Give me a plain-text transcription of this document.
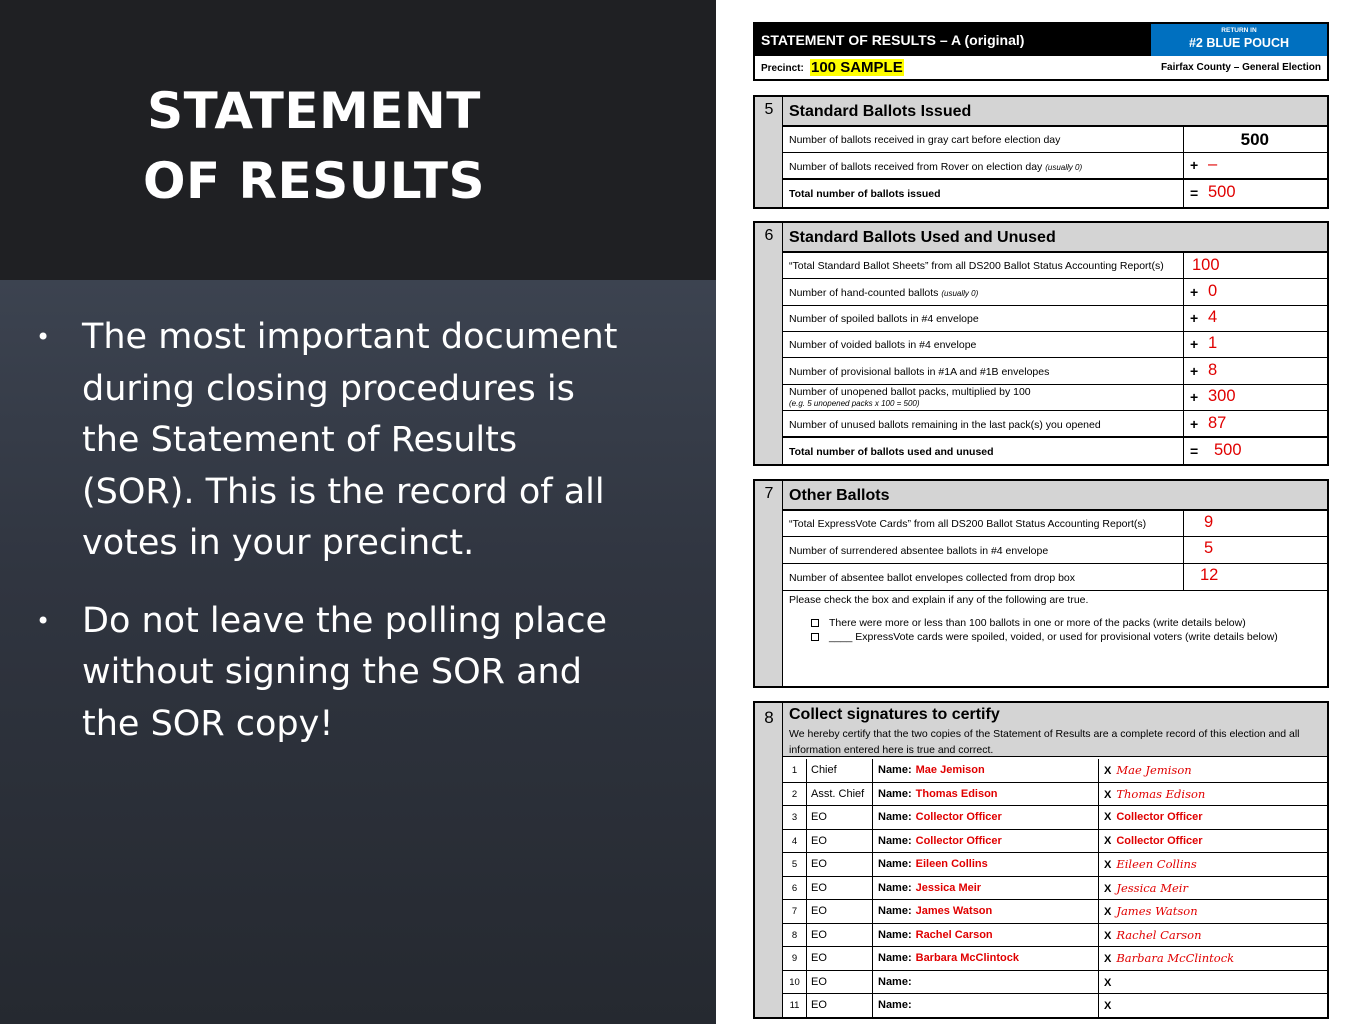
STATEMENT
OF RESULTS
• The most important document during closing procedures is the Statement of Results (SOR). This is the record of all votes in your precinct.
• Do not leave the polling place without signing the SOR and the SOR copy!
STATEMENT OF RESULTS – A (original)
RETURN IN
#2 BLUE POUCH
Precinct: 100 SAMPLE	Fairfax County – General Election
5 Standard Ballots Issued
Number of ballots received in gray cart before election day	500
Number of ballots received from Rover on election day (usually 0)	+ –
Total number of ballots issued	= 500
6 Standard Ballots Used and Unused
“Total Standard Ballot Sheets” from all DS200 Ballot Status Accounting Report(s) 100
Number of hand-counted ballots (usually 0)	+ 0
Number of spoiled ballots in #4 envelope	+ 4
Number of voided ballots in #4 envelope	+ 1
Number of provisional ballots in #1A and #1B envelopes	+ 8
Number of unopened ballot packs, multiplied by 100
(e.g. 5 unopened packs x 100 = 500)	+ 300
Number of unused ballots remaining in the last pack(s) you opened	+ 87
Total number of ballots used and unused	= 500
7 Other Ballots
“Total ExpressVote Cards” from all DS200 Ballot Status Accounting Report(s)	9
Number of surrendered absentee ballots in #4 envelope	5
Number of absentee ballot envelopes collected from drop box	12
Please check the box and explain if any of the following are true.
There were more or less than 100 ballots in one or more of the packs (write details below)
____ ExpressVote cards were spoiled, voided, or used for provisional voters (write details below)
8 Collect signatures to certify
We hereby certify that the two copies of the Statement of Results are a complete record of this election and all information entered here is true and correct.
1	Chief	Name: Mae Jemison	X Mae Jemison
2	Asst. Chief	Name: Thomas Edison	X Thomas Edison
3	EO	Name: Collector Officer	X Collector Officer
4	EO	Name: Collector Officer	X Collector Officer
5	EO	Name: Eileen Collins	X Eileen Collins
6	EO	Name: Jessica Meir	X Jessica Meir
7	EO	Name: James Watson	X James Watson
8	EO	Name: Rachel Carson	X Rachel Carson
9	EO	Name: Barbara McClintock	X Barbara McClintock
10	EO	Name:	X
11	EO	Name:	X
